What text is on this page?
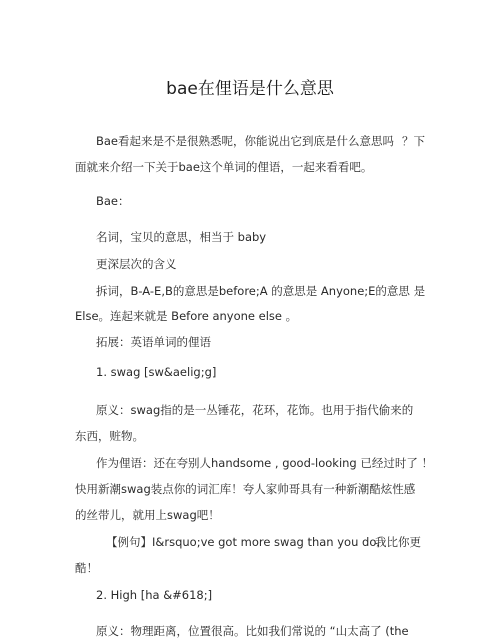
bae在俚语是什么意思
Bae看起来是不是很熟悉呢，你能说出它到底是什么意思吗 ？下
面就来介绍一下关于bae这个单词的俚语，一起来看看吧。
Bae：
名词，宝贝的意思，相当于 baby
更深层次的含义
拆词，B-A-E,B的意思是before;A 的意思是 Anyone;E的意思 是
Else。连起来就是 Before anyone else 。
拓展：英语单词的俚语
1. swag [sw&aelig;g]
原义：swag指的是一丛锤花，花环，花饰。也用于指代偷来的
东西，赃物。
作为俚语：还在夸别人handsome , good-looking 已经过时了 ！
快用新潮swag装点你的词汇库！夸人家帅哥具有一种新潮酷炫性感
的丝带儿，就用上swag吧！
【例句】I&rsquo;ve got more swag than you do.
我比你更
酷！
2. High [ha &#618;]
原义：物理距离，位置很高。比如我们常说的 “山太高了 (the
